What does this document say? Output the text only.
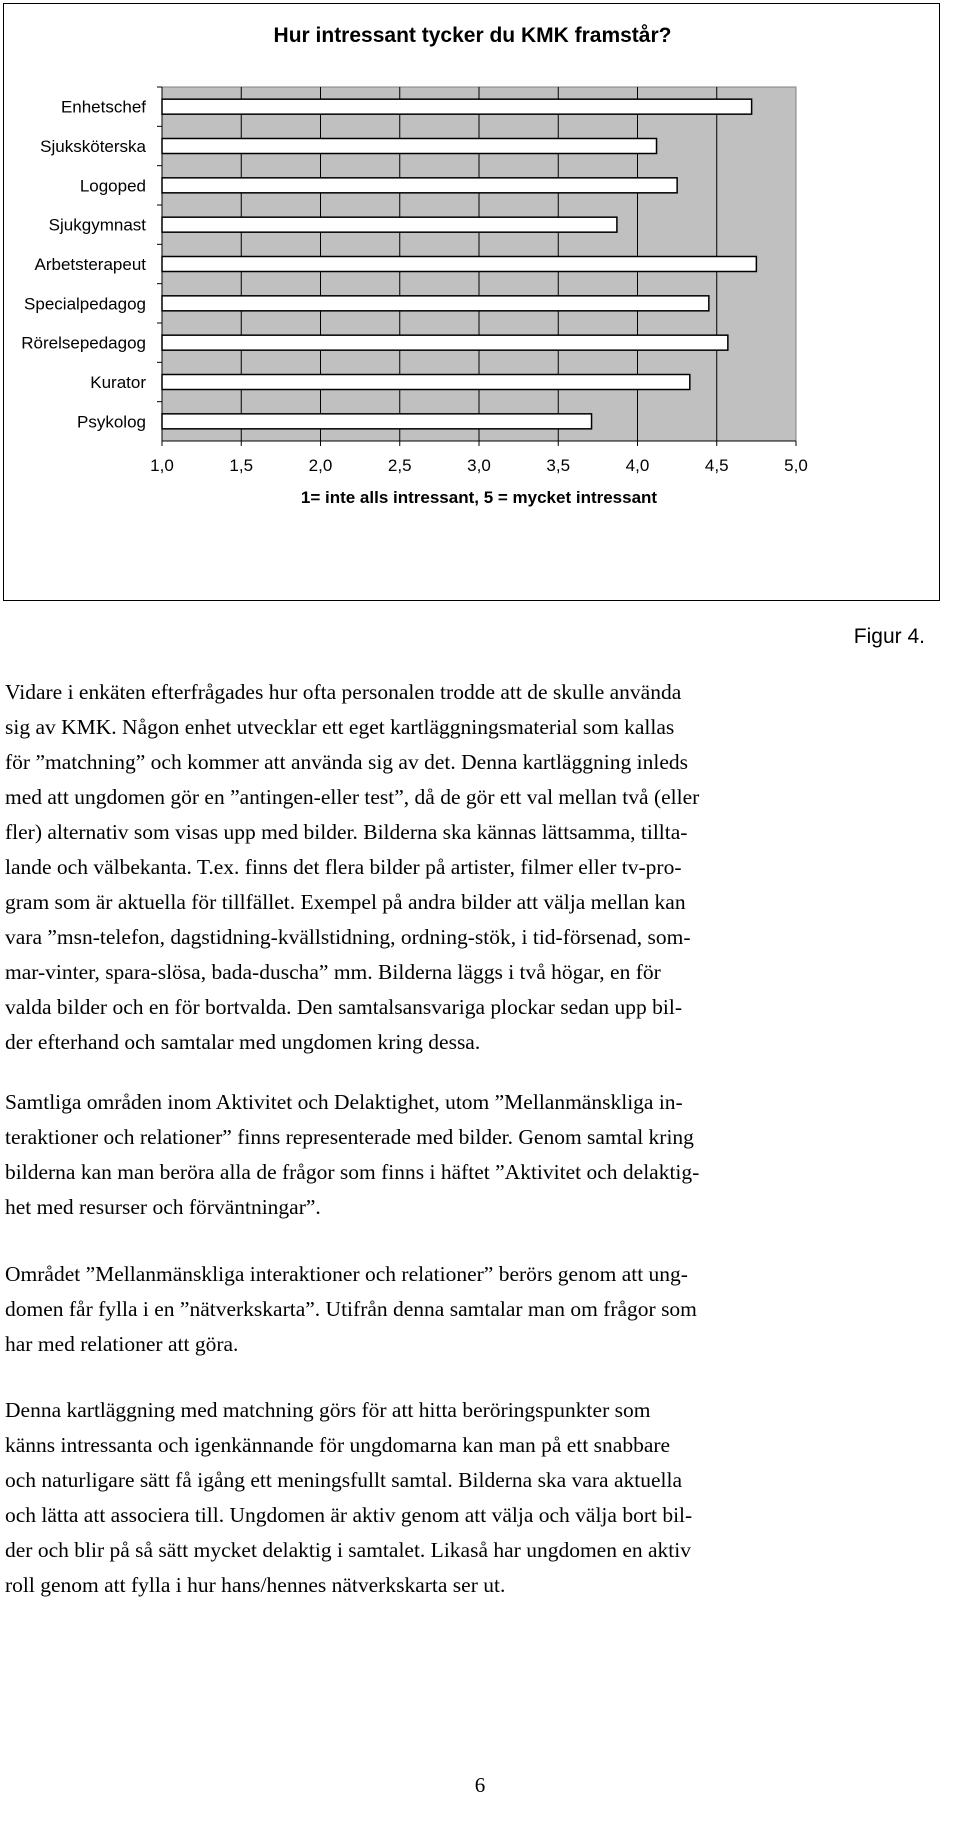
Hur intressant tycker du KMK framstår?
1,0	1,5	2,0	2,5	3,0	3,5	4,0	4,5	5,0
Enhetschef
Sjuksköterska
Logoped
Sjukgymnast
Arbetsterapeut
Specialpedagog
Rörelsepedagog
Kurator
Psykolog
1= inte alls intressant, 5 = mycket intressant
Figur 4.

Vidare i enkäten efterfrågades hur ofta personalen trodde att de skulle använda
sig av KMK. Någon enhet utvecklar ett eget kartläggningsmaterial som kallas
för ”matchning” och kommer att använda sig av det. Denna kartläggning inleds
med att ungdomen gör en ”antingen-eller test”, då de gör ett val mellan två (eller
fler) alternativ som visas upp med bilder. Bilderna ska kännas lättsamma, tillta-
lande och välbekanta. T.ex. finns det flera bilder på artister, filmer eller tv-pro-
gram som är aktuella för tillfället. Exempel på andra bilder att välja mellan kan
vara ”msn-telefon, dagstidning-kvällstidning, ordning-stök, i tid-försenad, som-
mar-vinter, spara-slösa, bada-duscha” mm. Bilderna läggs i två högar, en för
valda bilder och en för bortvalda. Den samtalsansvariga plockar sedan upp bil-
der efterhand och samtalar med ungdomen kring dessa.

Samtliga områden inom Aktivitet och Delaktighet, utom ”Mellanmänskliga in-
teraktioner och relationer” finns representerade med bilder. Genom samtal kring
bilderna kan man beröra alla de frågor som finns i häftet ”Aktivitet och delaktig-
het med resurser och förväntningar”.

Området ”Mellanmänskliga interaktioner och relationer” berörs genom att ung-
domen får fylla i en ”nätverkskarta”. Utifrån denna samtalar man om frågor som
har med relationer att göra.

Denna kartläggning med matchning görs för att hitta beröringspunkter som
känns intressanta och igenkännande för ungdomarna kan man på ett snabbare
och naturligare sätt få igång ett meningsfullt samtal. Bilderna ska vara aktuella
och lätta att associera till. Ungdomen är aktiv genom att välja och välja bort bil-
der och blir på så sätt mycket delaktig i samtalet. Likaså har ungdomen en aktiv
roll genom att fylla i hur hans/hennes nätverkskarta ser ut.

6
